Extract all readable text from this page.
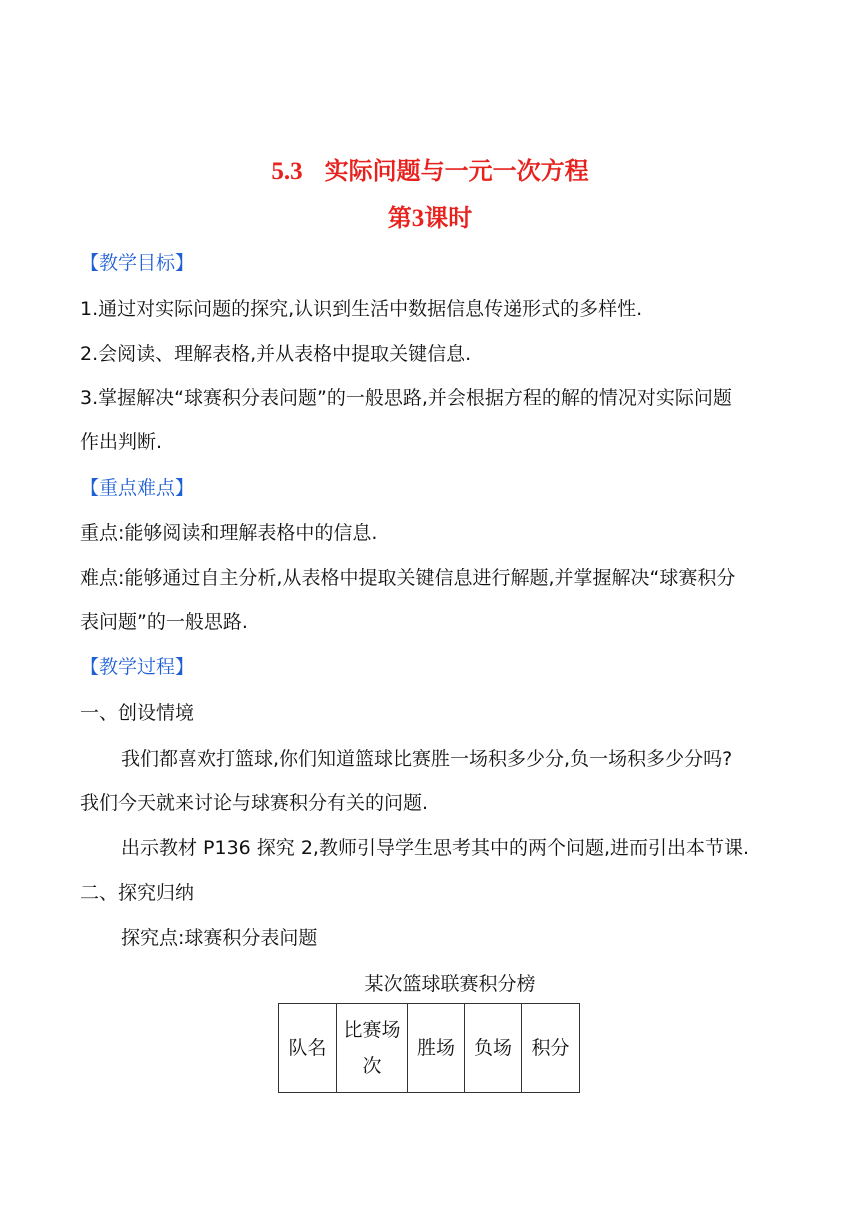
5.3 实际问题与一元一次方程
第3课时

【教学目标】

1.通过对实际问题的探究,认识到生活中数据信息传递形式的多样性.

2.会阅读、理解表格,并从表格中提取关键信息.

3.掌握解决“球赛积分表问题”的一般思路,并会根据方程的解的情况对实际问题

作出判断.

【重点难点】

重点:能够阅读和理解表格中的信息.

难点:能够通过自主分析,从表格中提取关键信息进行解题,并掌握解决“球赛积分

表问题”的一般思路.

【教学过程】

一、创设情境

我们都喜欢打篮球,你们知道篮球比赛胜一场积多少分,负一场积多少分吗?

我们今天就来讨论与球赛积分有关的问题.

出示教材 P136 探究 2,教师引导学生思考其中的两个问题,进而引出本节课.

二、探究归纳

探究点:球赛积分表问题

某次篮球联赛积分榜

队名	比赛场
次	胜场	负场	积分
